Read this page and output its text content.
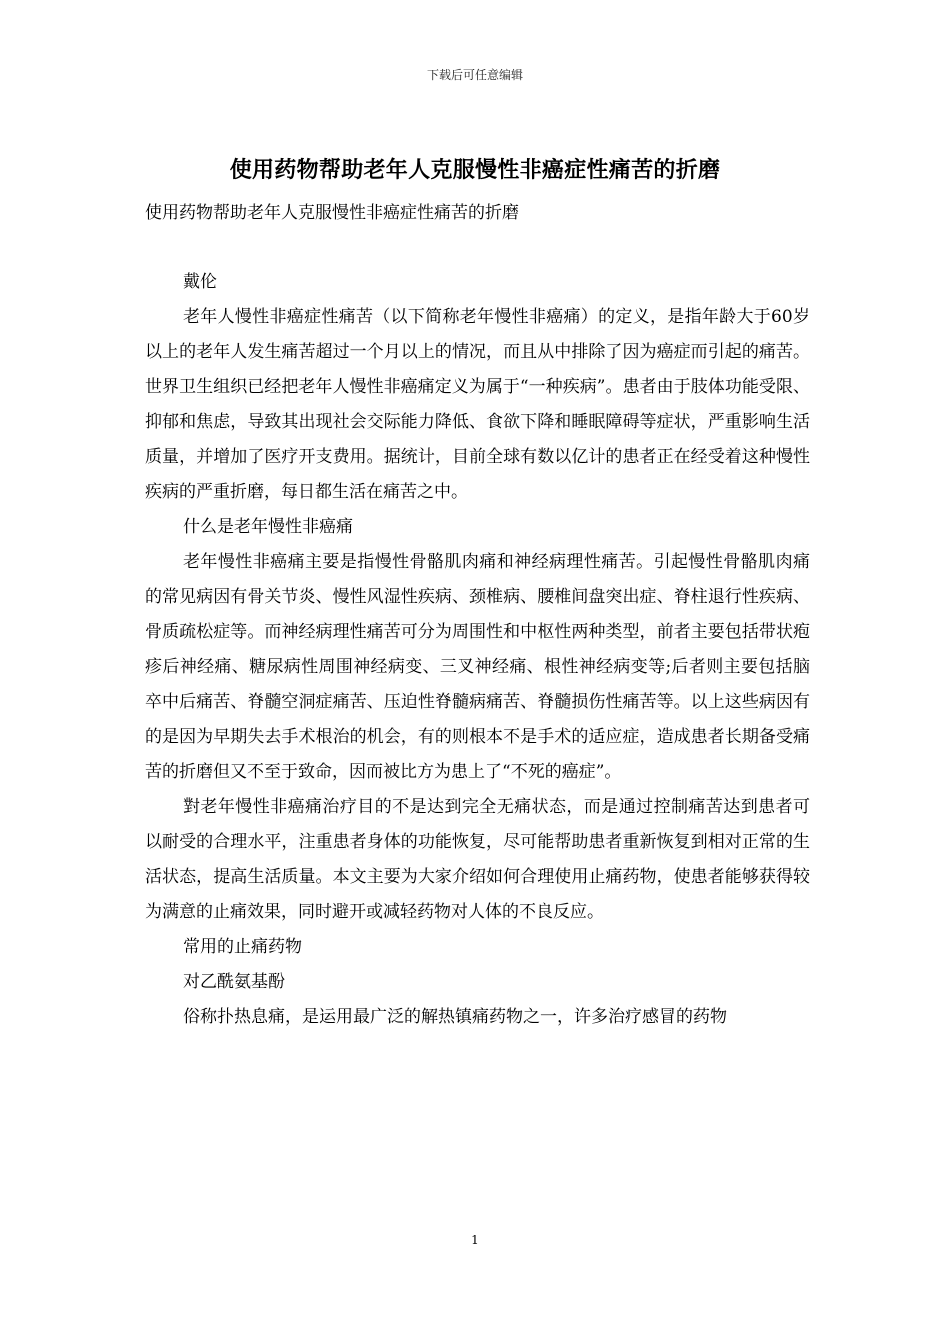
下载后可任意编辑
使用药物帮助老年人克服慢性非癌症性痛苦的折磨

使用药物帮助老年人克服慢性非癌症性痛苦的折磨

戴伦

老年人慢性非癌症性痛苦（以下简称老年慢性非癌痛）的定义，是指年龄大于60岁以上的老年人发生痛苦超过一个月以上的情况，而且从中排除了因为癌症而引起的痛苦。世界卫生组织已经把老年人慢性非癌痛定义为属于“一种疾病”。患者由于肢体功能受限、抑郁和焦虑，导致其出现社会交际能力降低、食欲下降和睡眠障碍等症状，严重影响生活质量，并增加了医疗开支费用。据统计，目前全球有数以亿计的患者正在经受着这种慢性疾病的严重折磨，每日都生活在痛苦之中。

什么是老年慢性非癌痛

老年慢性非癌痛主要是指慢性骨骼肌肉痛和神经病理性痛苦。引起慢性骨骼肌肉痛的常见病因有骨关节炎、慢性风湿性疾病、颈椎病、腰椎间盘突出症、脊柱退行性疾病、骨质疏松症等。而神经病理性痛苦可分为周围性和中枢性两种类型，前者主要包括带状疱疹后神经痛、糖尿病性周围神经病变、三叉神经痛、根性神经病变等;后者则主要包括脑卒中后痛苦、脊髓空洞症痛苦、压迫性脊髓病痛苦、脊髓损伤性痛苦等。以上这些病因有的是因为早期失去手术根治的机会，有的则根本不是手术的适应症，造成患者长期备受痛苦的折磨但又不至于致命，因而被比方为患上了“不死的癌症”。

對老年慢性非癌痛治疗目的不是达到完全无痛状态，而是通过控制痛苦达到患者可以耐受的合理水平，注重患者身体的功能恢复，尽可能帮助患者重新恢复到相对正常的生活状态，提高生活质量。本文主要为大家介绍如何合理使用止痛药物，使患者能够获得较为满意的止痛效果，同时避开或减轻药物对人体的不良反应。

常用的止痛药物

对乙酰氨基酚

俗称扑热息痛，是运用最广泛的解热镇痛药物之一，许多治疗感冒的药物

1
